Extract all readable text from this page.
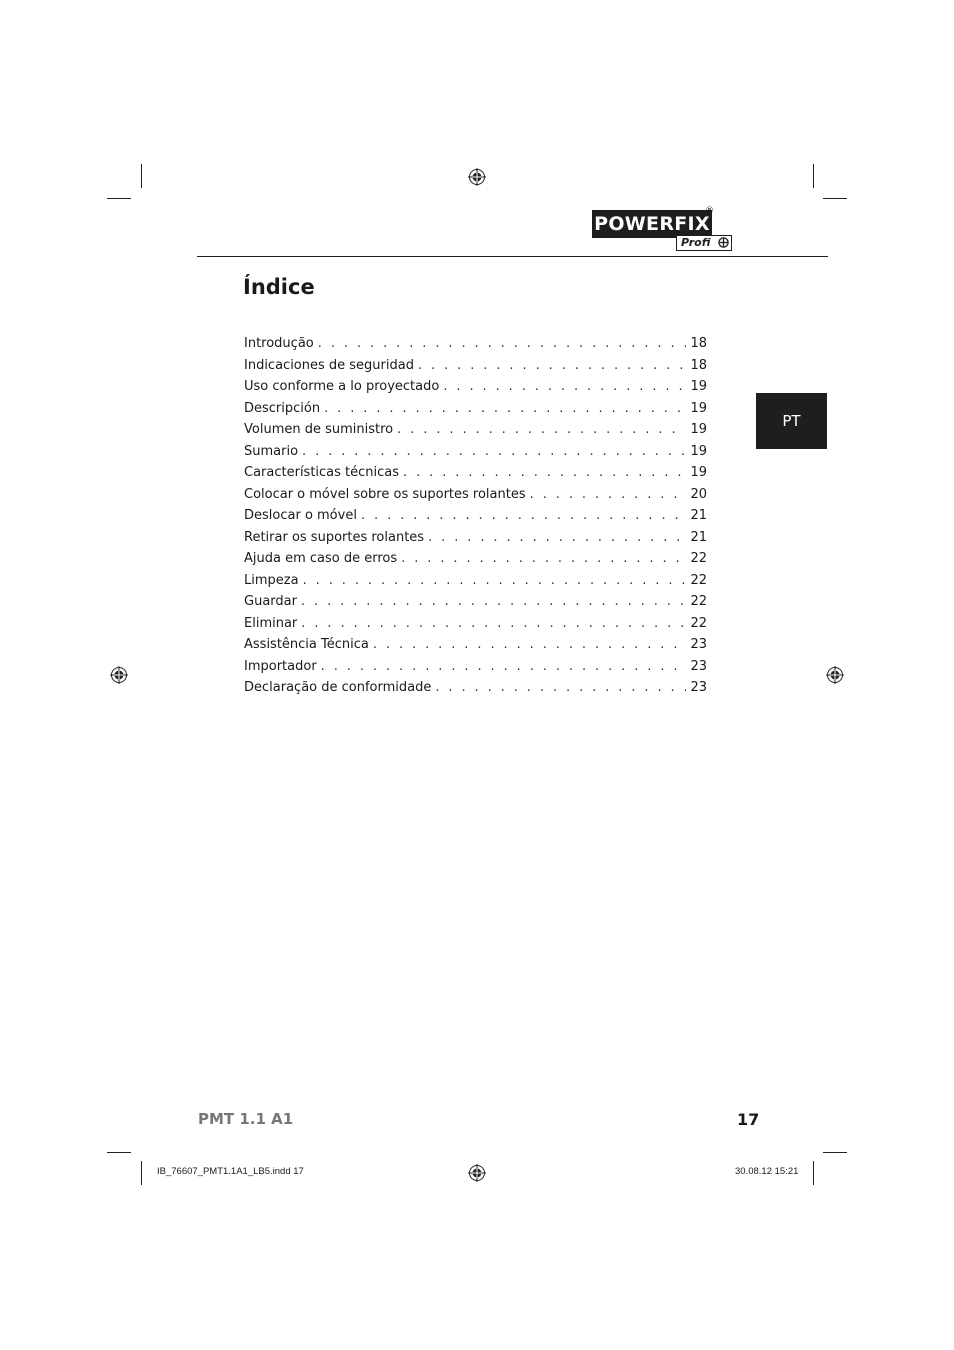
POWERFIX
®
Profi
Índice
Introdução . . .	18
Indicaciones de seguridad . . .	18
Uso conforme a lo proyectado . . .	19
Descripción . . .	19
Volumen de suministro . . .	19
Sumario . . .	19
Características técnicas . . .	19
Colocar o móvel sobre os suportes rolantes . . .	20
Deslocar o móvel . . .	21
Retirar os suportes rolantes . . .	21
Ajuda em caso de erros . . .	22
Limpeza . . .	22
Guardar . . .	22
Eliminar . . .	22
Assistência Técnica . . .	23
Importador . . .	23
Declaração de conformidade . . .	23
PT
PMT 1.1 A1	17
IB_76607_PMT1.1A1_LB5.indd 17	30.08.12 15:21
